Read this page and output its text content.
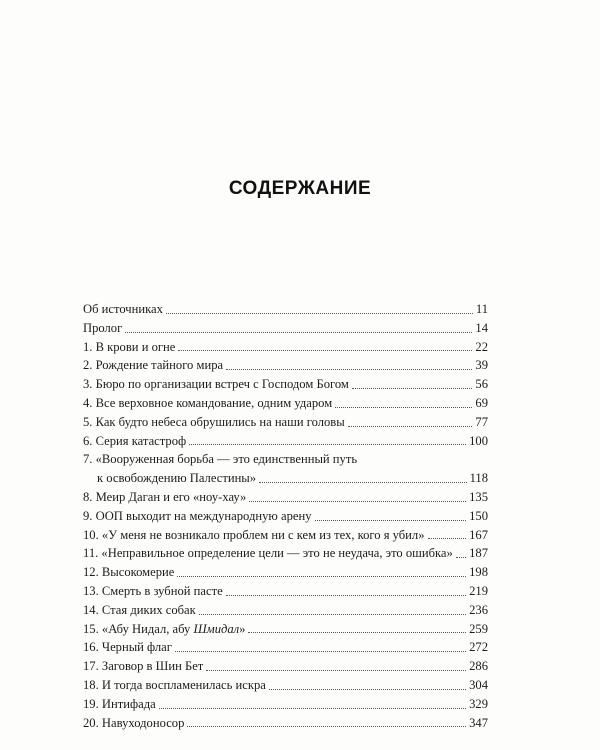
СОДЕРЖАНИЕ
Об источниках	11
Пролог	14
1. В крови и огне	22
2. Рождение тайного мира	39
3. Бюро по организации встреч с Господом Богом	56
4. Все верховное командование, одним ударом	69
5. Как будто небеса обрушились на наши головы	77
6. Серия катастроф	100
7. «Вооруженная борьба — это единственный путь
к освобождению Палестины»	118
8. Меир Даган и его «ноу-хау»	135
9. ООП выходит на международную арену	150
10. «У меня не возникало проблем ни с кем из тех, кого я убил»	167
11. «Неправильное определение цели — это не неудача, это ошибка» 187
12. Высокомерие	198
13. Смерть в зубной пасте	219
14. Стая диких собак	236
15. «Абу Нидал, абу Шмидал»	259
16. Черный флаг	272
17. Заговор в Шин Бет	286
18. И тогда воспламенилась искра	304
19. Интифада	329
20. Навуходоносор	347
